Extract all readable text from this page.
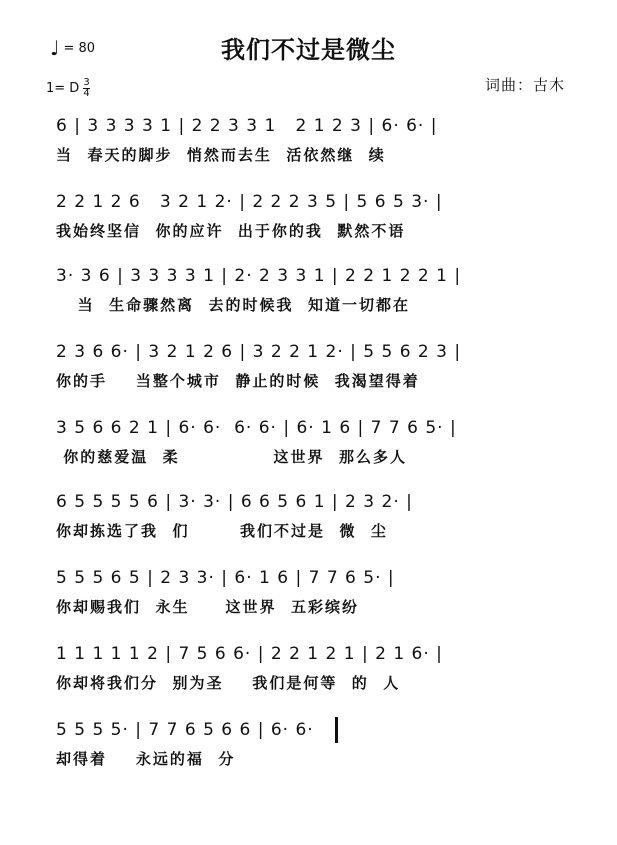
♩ = 80	我们不过是微尘
1= D $\frac{3}{4}$	词曲：古木
6 | 3 3 3 3 1 | 2 2 3 3 1   2 1 2 3 | 6· 6· |
当  春天的脚步  悄然而去生  活依然继  续
2 2 1 2 6   3 2 1 2· | 2 2 2 3 5 | 5 6 5 3· |
我始终坚信  你的应许  出于你的我  默然不语
3· 3 6 | 3 3 3 3 1 | 2· 2 3 3 1 | 2 2 1 2 2 1 |
当  生命骤然离  去的时候我  知道一切都在
2 3 6 6· | 3 2 1 2 6 | 3 2 2 1 2· | 5 5 6 2 3 |
你的手    当整个城市  静止的时候  我渴望得着
3 5 6 6 2 1 | 6· 6·  6· 6· | 6· 1 6 | 7 7 6 5· |
你的慈爱温  柔             这世界  那么多人
6 5 5 5 5 6 | 3· 3· | 6 6 5 6 1 | 2 3 2· |
你却拣选了我  们       我们不过是  微  尘
5 5 5 6 5 | 2 3 3· | 6· 1 6 | 7 7 6 5· |
你却赐我们  永生     这世界  五彩缤纷
1 1 1 1 1 2 | 7 5 6 6· | 2 2 1 2 1 | 2 1 6· |
你却将我们分  别为圣    我们是何等  的  人
5 5 5 5· | 7 7 6 5 6 6 | 6· 6·
却得着    永远的福  分
